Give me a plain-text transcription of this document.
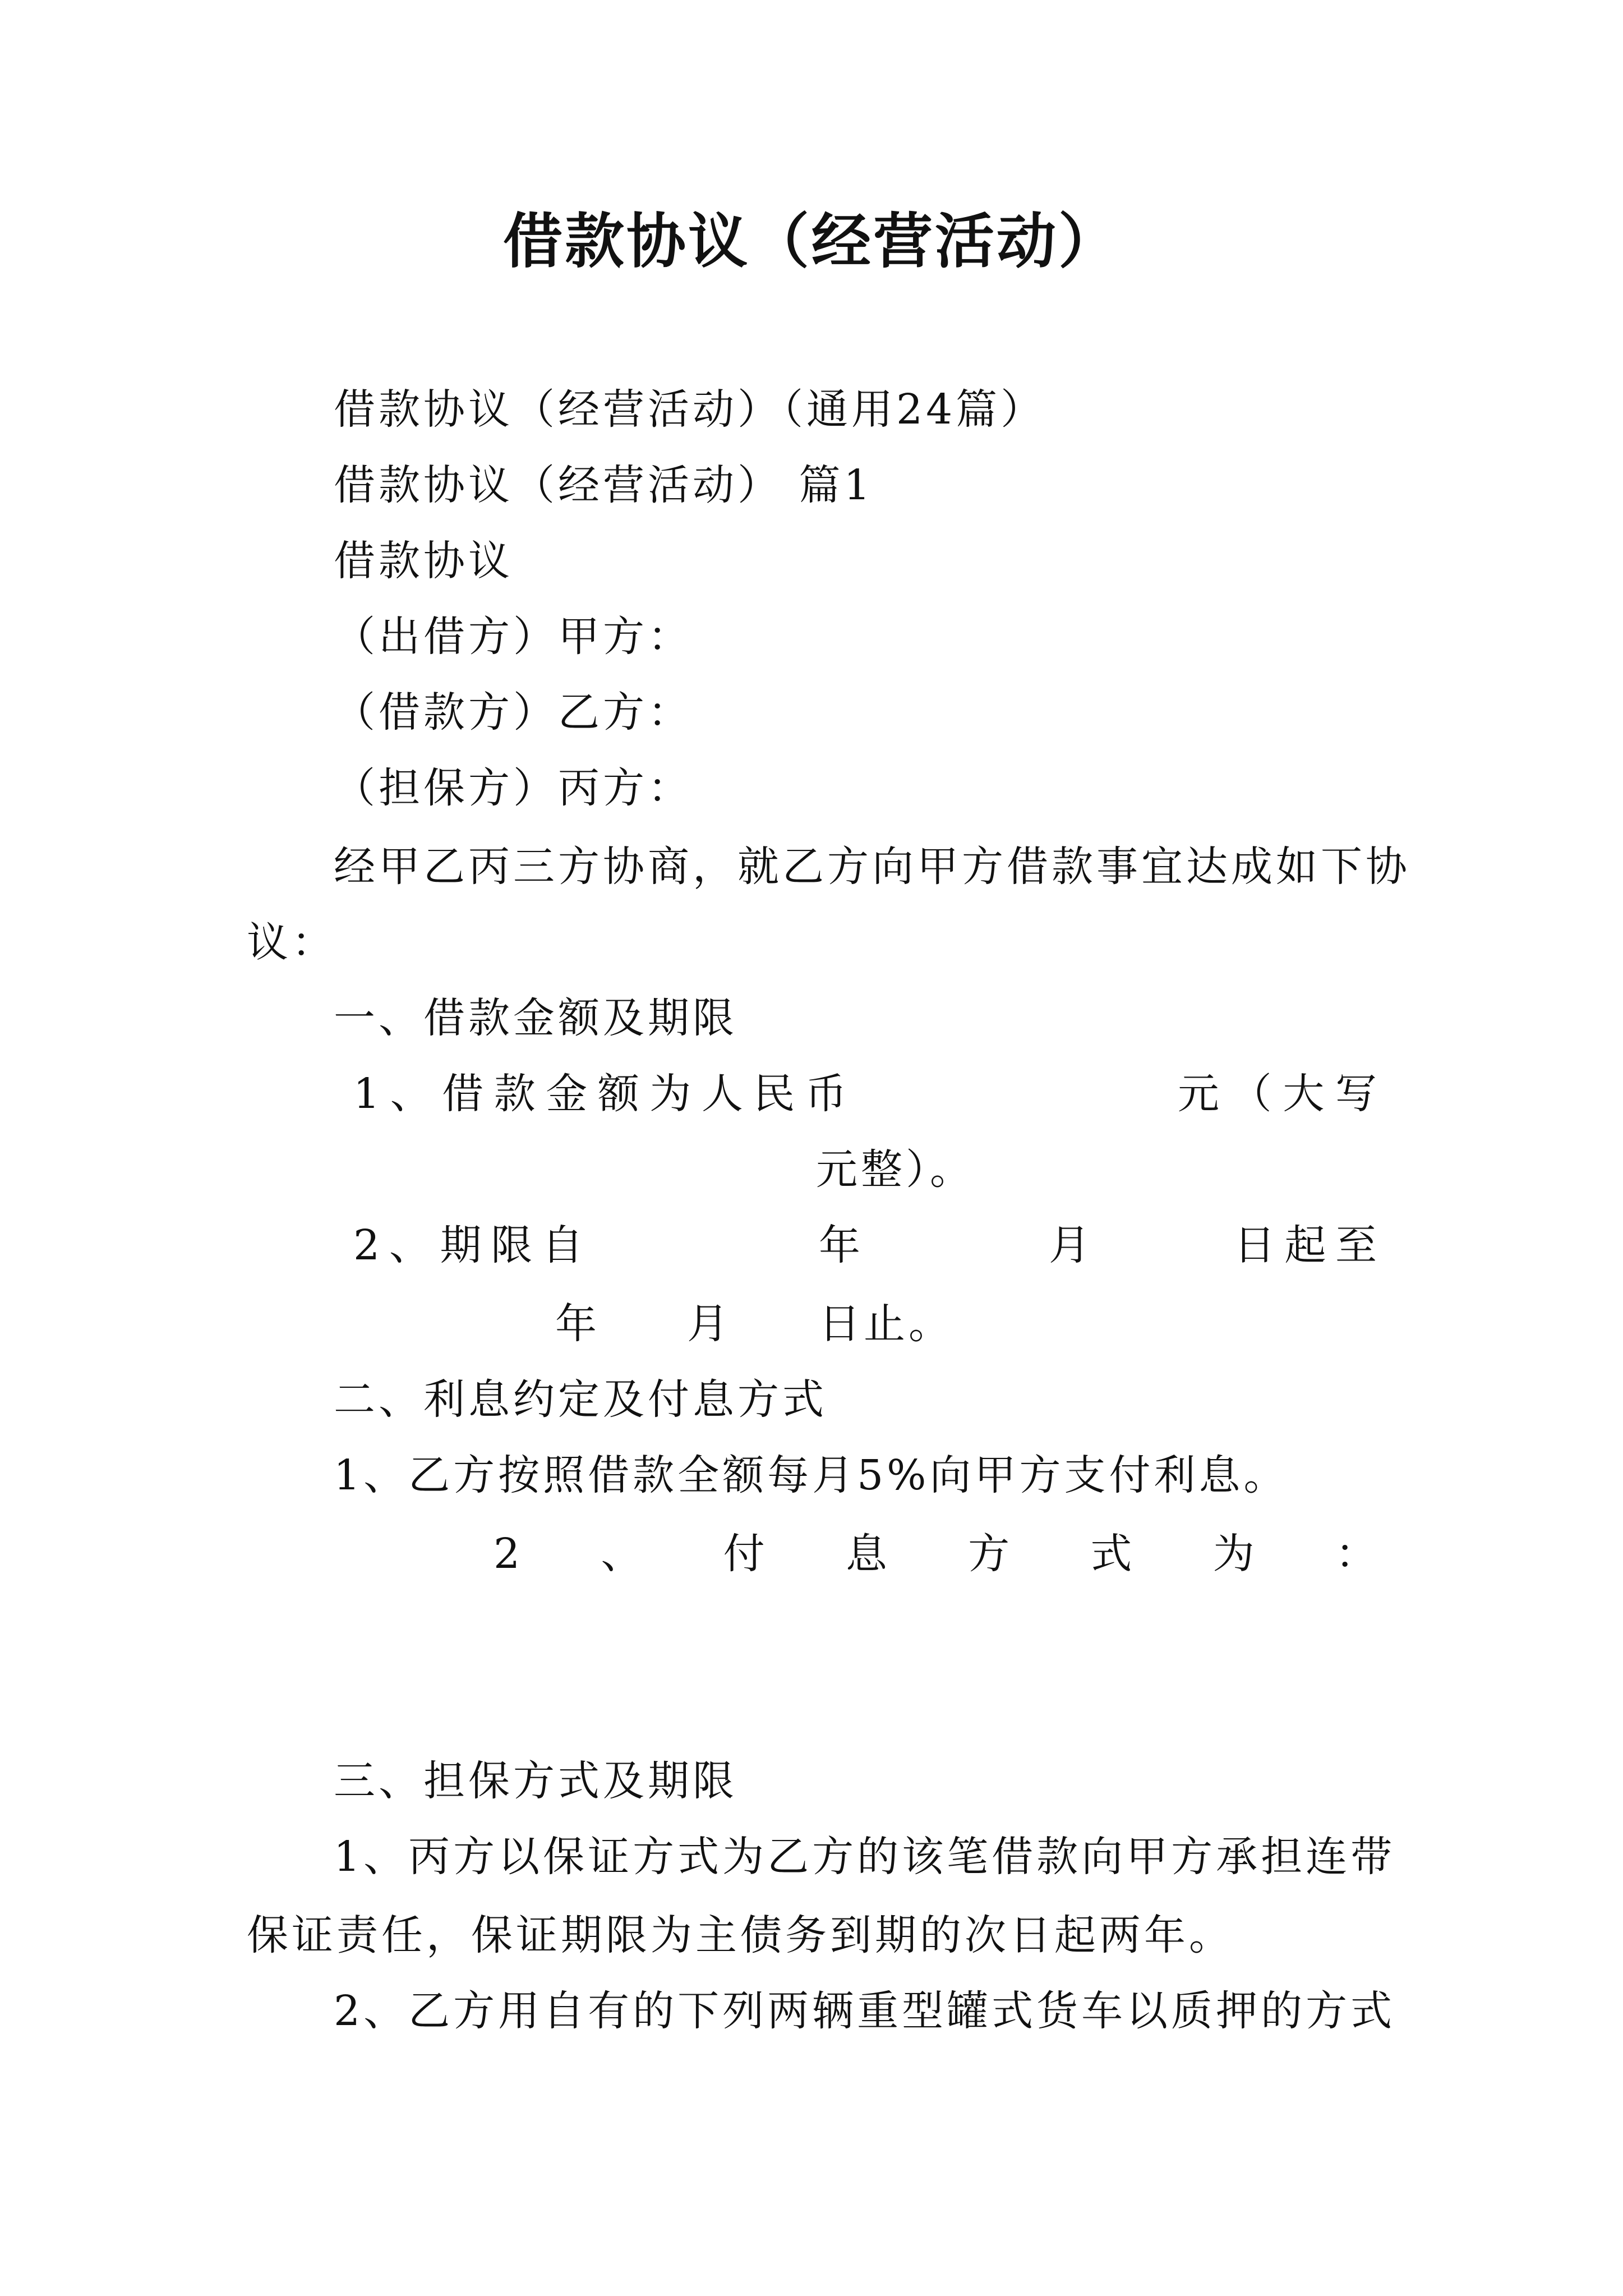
借款协议（经营活动）

借款协议（经营活动）（通用24篇）

借款协议（经营活动） 篇1

借款协议

（出借方）甲方：

（借款方）乙方：

（担保方）丙方：

经甲乙丙三方协商，就乙方向甲方借款事宜达成如下协

议：

一、借款金额及期限

1 、 借 款 金 额 为 人 民 币	元 （ 大 写

元整）。

2 、 期 限 自	年	月	日 起 至

年 月 日止。

二、利息约定及付息方式

1、乙方按照借款全额每月5%向甲方支付利息。

2 、 付 息 方 式 为 ：

三、担保方式及期限

1、丙方以保证方式为乙方的该笔借款向甲方承担连带

保证责任，保证期限为主债务到期的次日起两年。

2、乙方用自有的下列两辆重型罐式货车以质押的方式
